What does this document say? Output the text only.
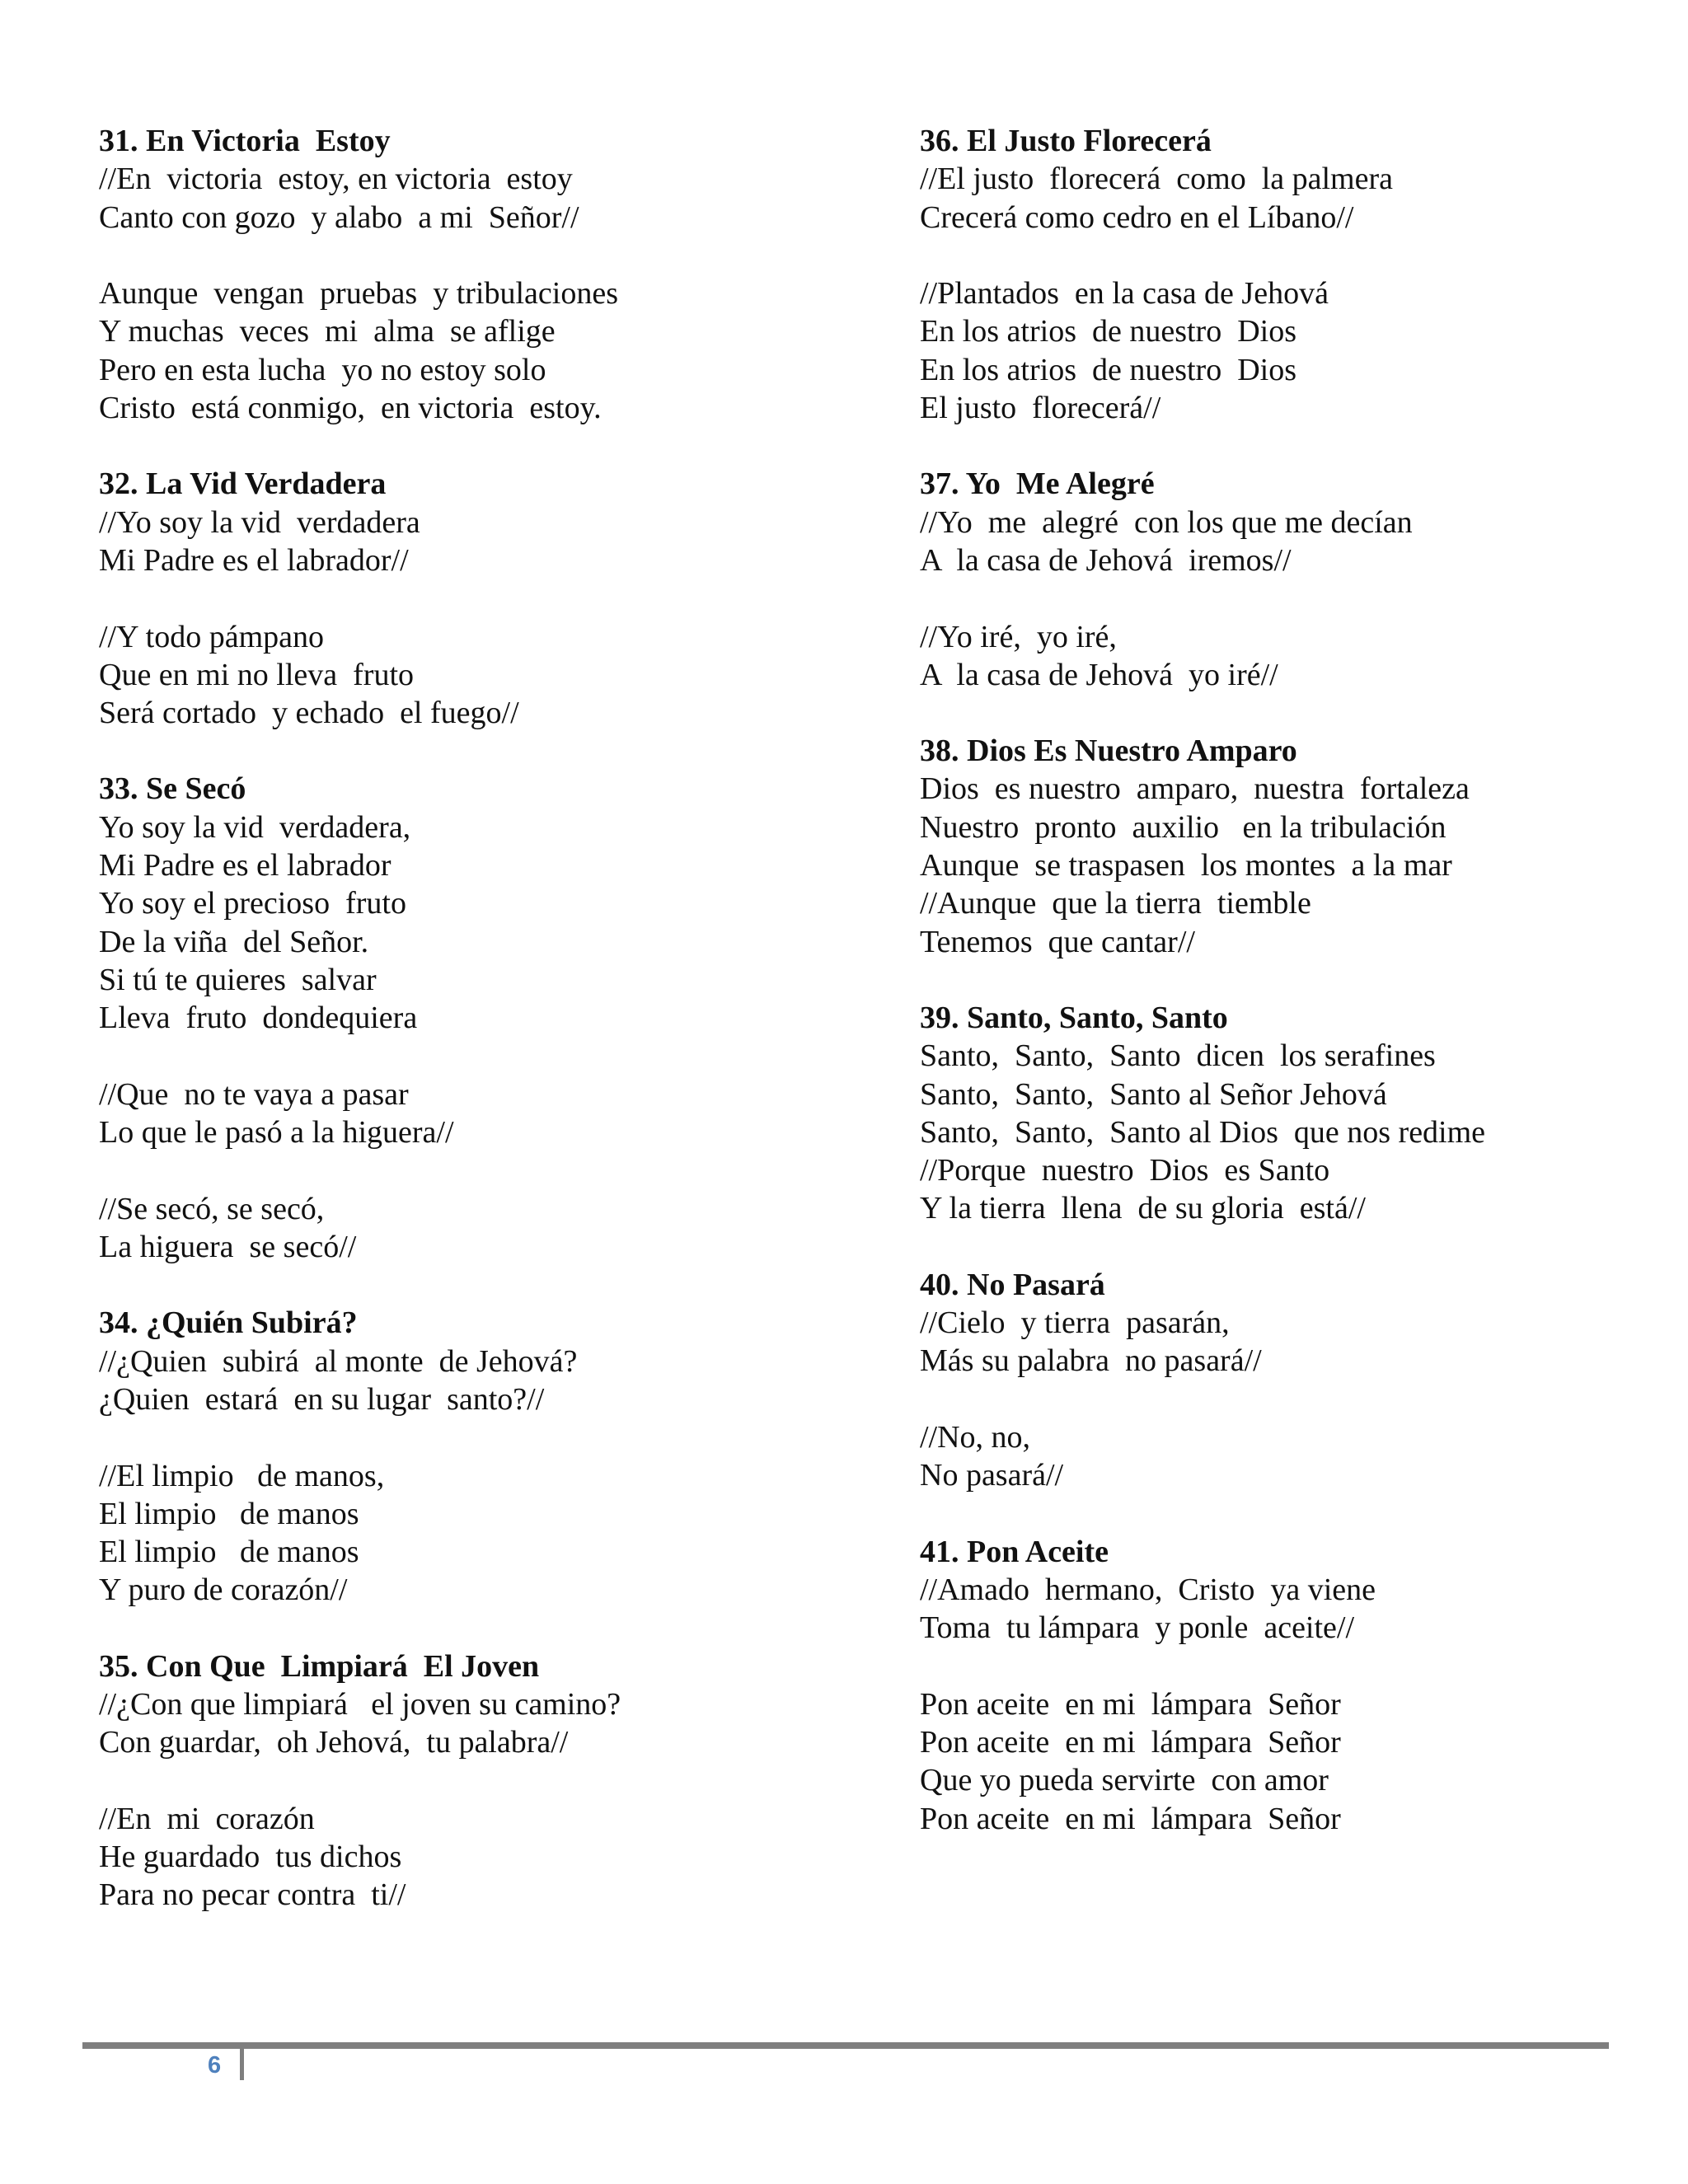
31. En Victoria  Estoy
//En  victoria  estoy, en victoria  estoy
Canto con gozo  y alabo  a mi  Señor//
Aunque  vengan  pruebas  y tribulaciones
Y muchas  veces  mi  alma  se aflige
Pero en esta lucha  yo no estoy solo
Cristo  está conmigo,  en victoria  estoy.
32. La Vid Verdadera
//Yo soy la vid  verdadera
Mi Padre es el labrador//
//Y todo pámpano
Que en mi no lleva  fruto
Será cortado  y echado  el fuego//
33. Se Secó
Yo soy la vid  verdadera,
Mi Padre es el labrador
Yo soy el precioso  fruto
De la viña  del Señor.
Si tú te quieres  salvar
Lleva  fruto  dondequiera
//Que  no te vaya a pasar
Lo que le pasó a la higuera//
//Se secó, se secó,
La higuera  se secó//
34. ¿Quién Subirá?
//¿Quien  subirá  al monte  de Jehová?
¿Quien  estará  en su lugar  santo?//
//El limpio   de manos,
El limpio   de manos
El limpio   de manos
Y puro de corazón//
35. Con Que  Limpiará  El Joven
//¿Con que limpiará   el joven su camino?
Con guardar,  oh Jehová,  tu palabra//
//En  mi  corazón
He guardado  tus dichos
Para no pecar contra  ti//
36. El Justo Florecerá
//El justo  florecerá  como  la palmera
Crecerá como cedro en el Líbano//
//Plantados  en la casa de Jehová
En los atrios  de nuestro  Dios
En los atrios  de nuestro  Dios
El justo  florecerá//
37. Yo  Me Alegré
//Yo  me  alegré  con los que me decían
A  la casa de Jehová  iremos//
//Yo iré,  yo iré,
A  la casa de Jehová  yo iré//
38. Dios Es Nuestro Amparo
Dios  es nuestro  amparo,  nuestra  fortaleza
Nuestro  pronto  auxilio   en la tribulación
Aunque  se traspasen  los montes  a la mar
//Aunque  que la tierra  tiemble
Tenemos  que cantar//
39. Santo, Santo, Santo
Santo,  Santo,  Santo  dicen  los serafines
Santo,  Santo,  Santo al Señor Jehová
Santo,  Santo,  Santo al Dios  que nos redime
//Porque  nuestro  Dios  es Santo
Y la tierra  llena  de su gloria  está//
40. No Pasará
//Cielo  y tierra  pasarán,
Más su palabra  no pasará//
//No, no,
No pasará//
41. Pon Aceite
//Amado  hermano,  Cristo  ya viene
Toma  tu lámpara  y ponle  aceite//
Pon aceite  en mi  lámpara  Señor
Pon aceite  en mi  lámpara  Señor
Que yo pueda servirte  con amor
Pon aceite  en mi  lámpara  Señor
6
